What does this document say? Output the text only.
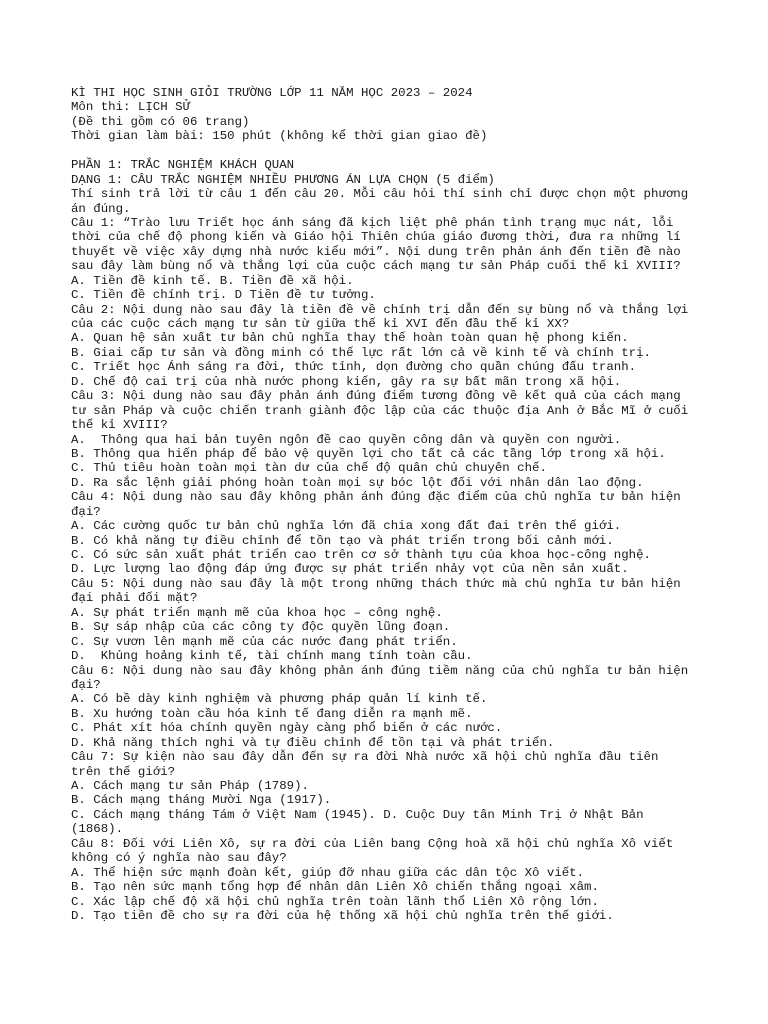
KÌ THI HỌC SINH GIỎI TRƯỜNG LỚP 11 NĂM HỌC 2023 – 2024
Môn thi: LỊCH SỬ
(Đề thi gồm có 06 trang)
Thời gian làm bài: 150 phút (không kể thời gian giao đề)
PHẦN 1: TRẮC NGHIỆM KHÁCH QUAN
DẠNG 1: CÂU TRẮC NGHIỆM NHIỀU PHƯƠNG ÁN LỰA CHỌN (5 điểm)
Thí sinh trả lời từ câu 1 đến câu 20. Mỗi câu hỏi thí sinh chỉ được chọn một phương
án đúng.
Câu 1: “Trào lưu Triết học ánh sáng đã kịch liệt phê phán tình trạng mục nát, lỗi
thời của chế độ phong kiến và Giáo hội Thiên chúa giáo đương thời, đưa ra những lí
thuyết về việc xây dựng nhà nước kiểu mới”. Nội dung trên phản ánh đến tiền đề nào
sau đây làm bùng nổ và thắng lợi của cuộc cách mạng tư sản Pháp cuối thế kỉ XVIII?
A. Tiền đề kinh tế. B. Tiền đề xã hội.
C. Tiền đề chính trị. D Tiền đề tư tưởng.
Câu 2: Nội dung nào sau đây là tiền đề về chính trị dẫn đến sự bùng nổ và thắng lợi
của các cuộc cách mạng tư sản từ giữa thế kỉ XVI đến đầu thế kỉ XX?
A. Quan hệ sản xuất tư bản chủ nghĩa thay thế hoàn toàn quan hệ phong kiến.
B. Giai cấp tư sản và đồng minh có thế lực rất lớn cả về kinh tế và chính trị.
C. Triết học Ánh sáng ra đời, thức tỉnh, dọn đường cho quần chúng đấu tranh.
D. Chế độ cai trị của nhà nước phong kiến, gây ra sự bất mãn trong xã hội.
Câu 3: Nội dung nào sau đây phản ánh đúng điểm tương đồng về kết quả của cách mạng
tư sản Pháp và cuộc chiến tranh giành độc lập của các thuộc địa Anh ở Bắc Mĩ ở cuối
thế kỉ XVIII?
A.  Thông qua hai bản tuyên ngôn đề cao quyền công dân và quyền con người.
B. Thông qua hiến pháp để bảo vệ quyền lợi cho tất cả các tầng lớp trong xã hội.
C. Thủ tiêu hoàn toàn mọi tàn dư của chế độ quân chủ chuyên chế.
D. Ra sắc lệnh giải phóng hoàn toàn mọi sự bóc lột đối với nhân dân lao động.
Câu 4: Nội dung nào sau đây không phản ánh đúng đặc điểm của chủ nghĩa tư bản hiện
đại?
A. Các cường quốc tư bản chủ nghĩa lớn đã chia xong đất đai trên thế giới.
B. Có khả năng tự điều chỉnh để tồn tạo và phát triển trong bối cảnh mới.
C. Có sức sản xuất phát triển cao trên cơ sở thành tựu của khoa học-công nghệ.
D. Lực lượng lao động đáp ứng được sự phát triển nhảy vọt của nền sản xuất.
Câu 5: Nội dung nào sau đây là một trong những thách thức mà chủ nghĩa tư bản hiện
đại phải đối mặt?
A. Sự phát triển mạnh mẽ của khoa học – công nghệ.
B. Sự sáp nhập của các công ty độc quyền lũng đoạn.
C. Sự vươn lên mạnh mẽ của các nước đang phát triển.
D.  Khủng hoảng kinh tế, tài chính mang tính toàn cầu.
Câu 6: Nội dung nào sau đây không phản ánh đúng tiềm năng của chủ nghĩa tư bản hiện
đại?
A. Có bề dày kinh nghiệm và phương pháp quản lí kinh tế.
B. Xu hướng toàn cầu hóa kinh tế đang diễn ra mạnh mẽ.
C. Phát xít hóa chính quyền ngày càng phổ biến ở các nước.
D. Khả năng thích nghi và tự điều chỉnh để tồn tại và phát triển.
Câu 7: Sự kiện nào sau đây dẫn đến sự ra đời Nhà nước xã hội chủ nghĩa đầu tiên
trên thế giới?
A. Cách mạng tư sản Pháp (1789).
B. Cách mạng tháng Mười Nga (1917).
C. Cách mạng tháng Tám ở Việt Nam (1945). D. Cuộc Duy tân Minh Trị ở Nhật Bản
(1868).
Câu 8: Đối với Liên Xô, sự ra đời của Liên bang Cộng hoà xã hội chủ nghĩa Xô viết
không có ý nghĩa nào sau đây?
A. Thể hiện sức mạnh đoàn kết, giúp đỡ nhau giữa các dân tộc Xô viết.
B. Tạo nên sức mạnh tổng hợp để nhân dân Liên Xô chiến thắng ngoại xâm.
C. Xác lập chế độ xã hội chủ nghĩa trên toàn lãnh thổ Liên Xô rộng lớn.
D. Tạo tiền đề cho sự ra đời của hệ thống xã hội chủ nghĩa trên thế giới.
